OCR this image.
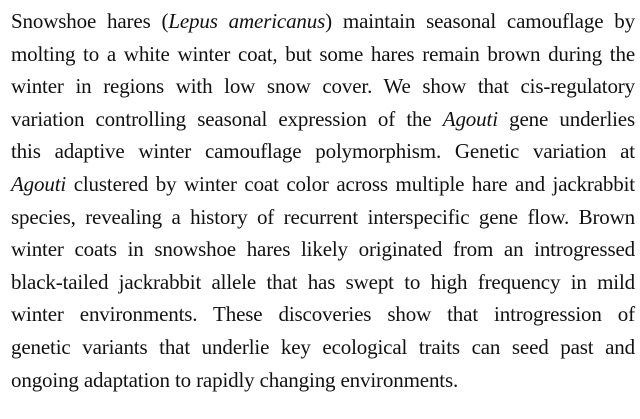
Snowshoe hares (Lepus americanus) maintain seasonal camouflage by
molting to a white winter coat, but some hares remain brown during the
winter in regions with low snow cover. We show that cis-regulatory
variation controlling seasonal expression of the Agouti gene underlies
this adaptive winter camouflage polymorphism. Genetic variation at
Agouti clustered by winter coat color across multiple hare and jackrabbit
species, revealing a history of recurrent interspecific gene flow. Brown
winter coats in snowshoe hares likely originated from an introgressed
black-tailed jackrabbit allele that has swept to high frequency in mild
winter environments. These discoveries show that introgression of
genetic variants that underlie key ecological traits can seed past and
ongoing adaptation to rapidly changing environments.
